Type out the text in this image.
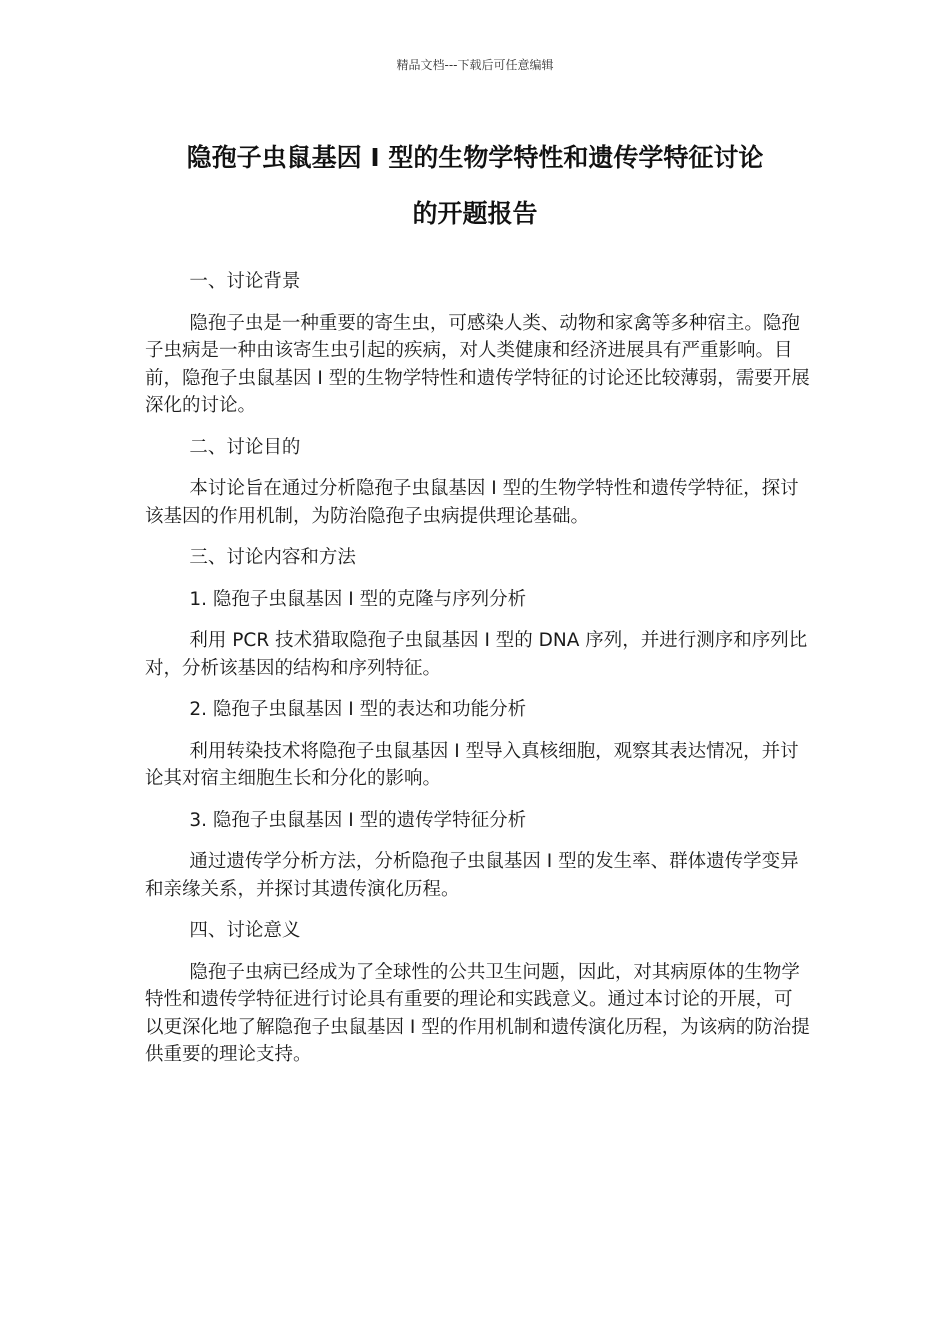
精品文档---下载后可任意编辑
隐孢子虫鼠基因 I 型的生物学特性和遗传学特征讨论
的开题报告

一、讨论背景

隐孢子虫是一种重要的寄生虫，可感染人类、动物和家禽等多种宿主。隐孢子虫病是一种由该寄生虫引起的疾病，对人类健康和经济进展具有严重影响。目前，隐孢子虫鼠基因 I 型的生物学特性和遗传学特征的讨论还比较薄弱，需要开展深化的讨论。

二、讨论目的

本讨论旨在通过分析隐孢子虫鼠基因 I 型的生物学特性和遗传学特征，探讨该基因的作用机制，为防治隐孢子虫病提供理论基础。

三、讨论内容和方法

1. 隐孢子虫鼠基因 I 型的克隆与序列分析

利用 PCR 技术猎取隐孢子虫鼠基因 I 型的 DNA 序列，并进行测序和序列比对，分析该基因的结构和序列特征。

2. 隐孢子虫鼠基因 I 型的表达和功能分析

利用转染技术将隐孢子虫鼠基因 I 型导入真核细胞，观察其表达情况，并讨论其对宿主细胞生长和分化的影响。

3. 隐孢子虫鼠基因 I 型的遗传学特征分析

通过遗传学分析方法，分析隐孢子虫鼠基因 I 型的发生率、群体遗传学变异和亲缘关系，并探讨其遗传演化历程。

四、讨论意义

隐孢子虫病已经成为了全球性的公共卫生问题，因此，对其病原体的生物学特性和遗传学特征进行讨论具有重要的理论和实践意义。通过本讨论的开展，可以更深化地了解隐孢子虫鼠基因 I 型的作用机制和遗传演化历程，为该病的防治提供重要的理论支持。
